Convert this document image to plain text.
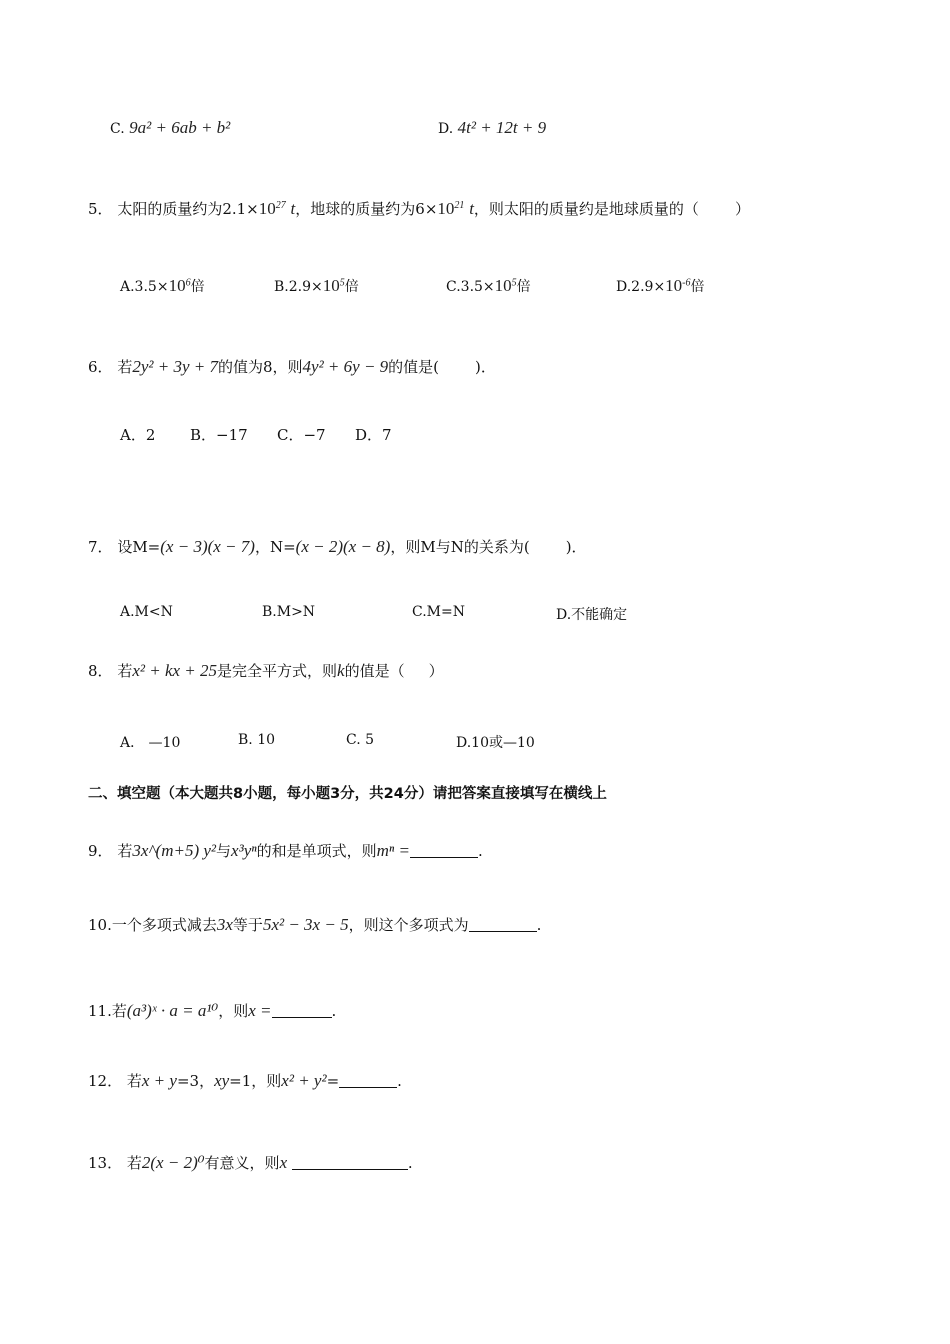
C. 9a² + 6ab + b²	D. 4t² + 12t + 9
5． 太阳的质量约为$2.1\times 10^{27}$ t，地球的质量约为$6\times 10^{21}$ t，则太阳的质量约是地球质量的（ ）
$A.3.5\times 10^6$倍	$B.2.9\times 10^5$倍	$C.3.5\times 10^5$倍	$D.2.9\times 10^{-6}$倍
6． 若2y² + 3y + 7的值为8，则4y² + 6y − 9的值是( )．
A．2 B．−17 C．−7 D．7
7． 设M=(x − 3)(x − 7)，N=(x − 2)(x − 8)，则M与N的关系为( )．
A.M<N	B.M>N	C.M=N	D.不能确定
8． 若x² + kx + 25是完全平方式，则k的值是（ ）
A． —10	B. 10	C. 5	D.10或—10
二、填空题（本大题共8小题，每小题3分，共24分）请把答案直接填写在横线上
9． 若3x^(m+5) y²与x³yⁿ的和是单项式，则mⁿ =	.
10.一个多项式减去3x等于5x² − 3x − 5，则这个多项式为	.
11.若(a³)ˣ · a = a¹⁰，则x =	.
12． 若x + y=3，xy=1，则x² + y²=	.
13． 若2(x − 2)⁰有意义，则x	.
